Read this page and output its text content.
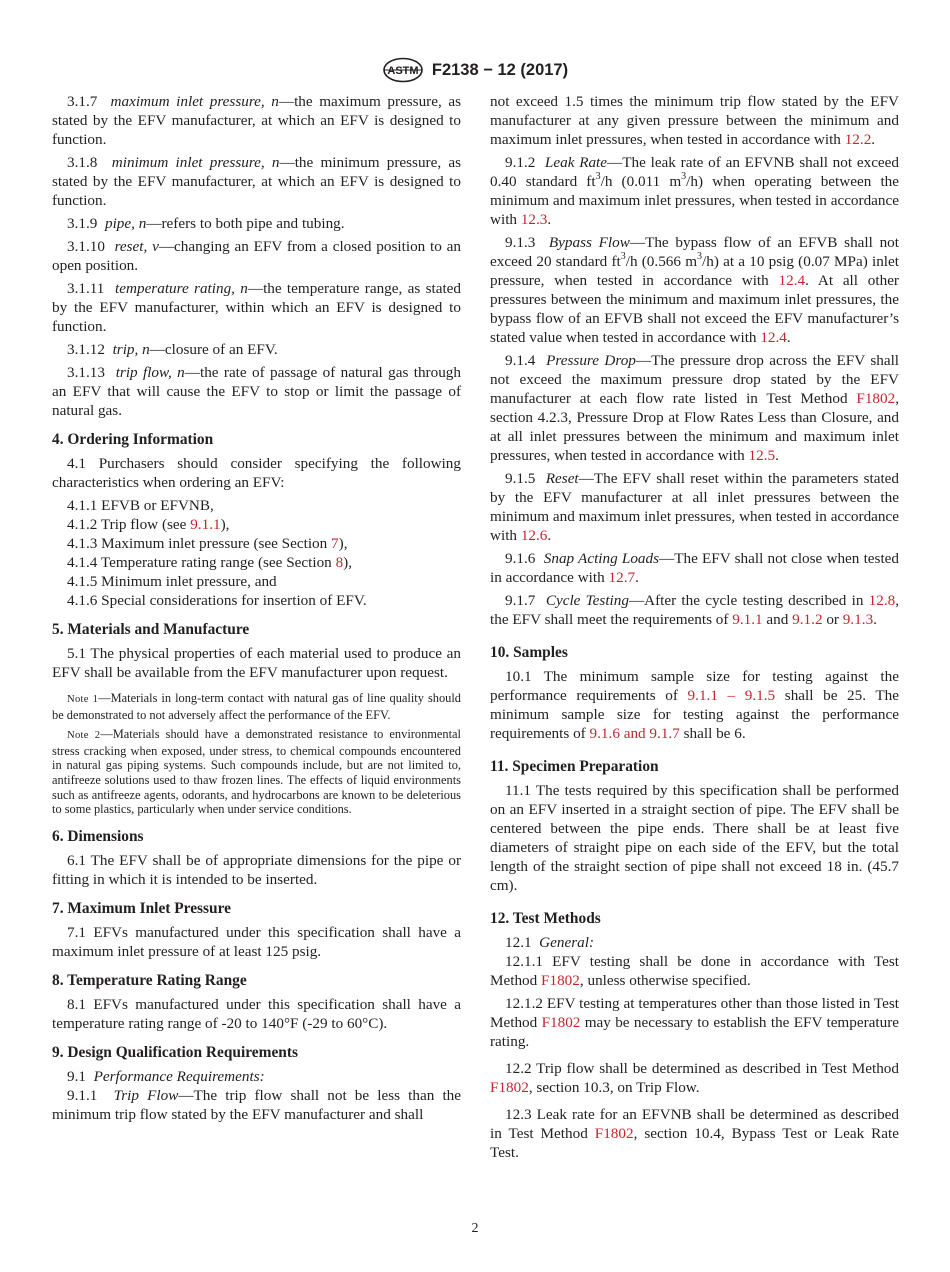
ASTM F2138 − 12 (2017)

3.1.7 maximum inlet pressure, n—the maximum pressure, as stated by the EFV manufacturer, at which an EFV is designed to function.

3.1.8 minimum inlet pressure, n—the minimum pressure, as stated by the EFV manufacturer, at which an EFV is designed to function.

3.1.9 pipe, n—refers to both pipe and tubing.

3.1.10 reset, v—changing an EFV from a closed position to an open position.

3.1.11 temperature rating, n—the temperature range, as stated by the EFV manufacturer, within which an EFV is designed to function.

3.1.12 trip, n—closure of an EFV.

3.1.13 trip flow, n—the rate of passage of natural gas through an EFV that will cause the EFV to stop or limit the passage of natural gas.

4. Ordering Information

4.1 Purchasers should consider specifying the following characteristics when ordering an EFV:

4.1.1 EFVB or EFVNB,

4.1.2 Trip flow (see 9.1.1),

4.1.3 Maximum inlet pressure (see Section 7),

4.1.4 Temperature rating range (see Section 8),

4.1.5 Minimum inlet pressure, and

4.1.6 Special considerations for insertion of EFV.

5. Materials and Manufacture

5.1 The physical properties of each material used to produce an EFV shall be available from the EFV manufacturer upon request.

Note 1—Materials in long-term contact with natural gas of line quality should be demonstrated to not adversely affect the performance of the EFV.

Note 2—Materials should have a demonstrated resistance to environmental stress cracking when exposed, under stress, to chemical compounds encountered in natural gas piping systems. Such compounds include, but are not limited to, antifreeze solutions used to thaw frozen lines. The effects of liquid environments such as antifreeze agents, odorants, and hydrocarbons are known to be deleterious to some plastics, particularly when under service conditions.

6. Dimensions

6.1 The EFV shall be of appropriate dimensions for the pipe or fitting in which it is intended to be inserted.

7. Maximum Inlet Pressure

7.1 EFVs manufactured under this specification shall have a maximum inlet pressure of at least 125 psig.

8. Temperature Rating Range

8.1 EFVs manufactured under this specification shall have a temperature rating range of -20 to 140°F (-29 to 60°C).

9. Design Qualification Requirements

9.1 Performance Requirements:

9.1.1 Trip Flow—The trip flow shall not be less than the minimum trip flow stated by the EFV manufacturer and shall

not exceed 1.5 times the minimum trip flow stated by the EFV manufacturer at any given pressure between the minimum and maximum inlet pressures, when tested in accordance with 12.2.

9.1.2 Leak Rate—The leak rate of an EFVNB shall not exceed 0.40 standard $ft^3/h$ (0.011 $m^3/h$) when operating between the minimum and maximum inlet pressures, when tested in accordance with 12.3.

9.1.3 Bypass Flow—The bypass flow of an EFVB shall not exceed 20 standard $ft^3/h$ (0.566 $m^3/h$) at a 10 psig (0.07 MPa) inlet pressure, when tested in accordance with 12.4. At all other pressures between the minimum and maximum inlet pressures, the bypass flow of an EFVB shall not exceed the EFV manufacturer’s stated value when tested in accordance with 12.4.

9.1.4 Pressure Drop—The pressure drop across the EFV shall not exceed the maximum pressure drop stated by the EFV manufacturer at each flow rate listed in Test Method F1802, section 4.2.3, Pressure Drop at Flow Rates Less than Closure, and at all inlet pressures between the minimum and maximum inlet pressures, when tested in accordance with 12.5.

9.1.5 Reset—The EFV shall reset within the parameters stated by the EFV manufacturer at all inlet pressures between the minimum and maximum inlet pressures, when tested in accordance with 12.6.

9.1.6 Snap Acting Loads—The EFV shall not close when tested in accordance with 12.7.

9.1.7 Cycle Testing—After the cycle testing described in 12.8, the EFV shall meet the requirements of 9.1.1 and 9.1.2 or 9.1.3.

10. Samples

10.1 The minimum sample size for testing against the performance requirements of 9.1.1 – 9.1.5 shall be 25. The minimum sample size for testing against the performance requirements of 9.1.6 and 9.1.7 shall be 6.

11. Specimen Preparation

11.1 The tests required by this specification shall be performed on an EFV inserted in a straight section of pipe. The EFV shall be centered between the pipe ends. There shall be at least five diameters of straight pipe on each side of the EFV, but the total length of the straight section of pipe shall not exceed 18 in. (45.7 cm).

12. Test Methods

12.1 General:

12.1.1 EFV testing shall be done in accordance with Test Method F1802, unless otherwise specified.

12.1.2 EFV testing at temperatures other than those listed in Test Method F1802 may be necessary to establish the EFV temperature rating.

12.2 Trip flow shall be determined as described in Test Method F1802, section 10.3, on Trip Flow.

12.3 Leak rate for an EFVNB shall be determined as described in Test Method F1802, section 10.4, Bypass Test or Leak Rate Test.

2
